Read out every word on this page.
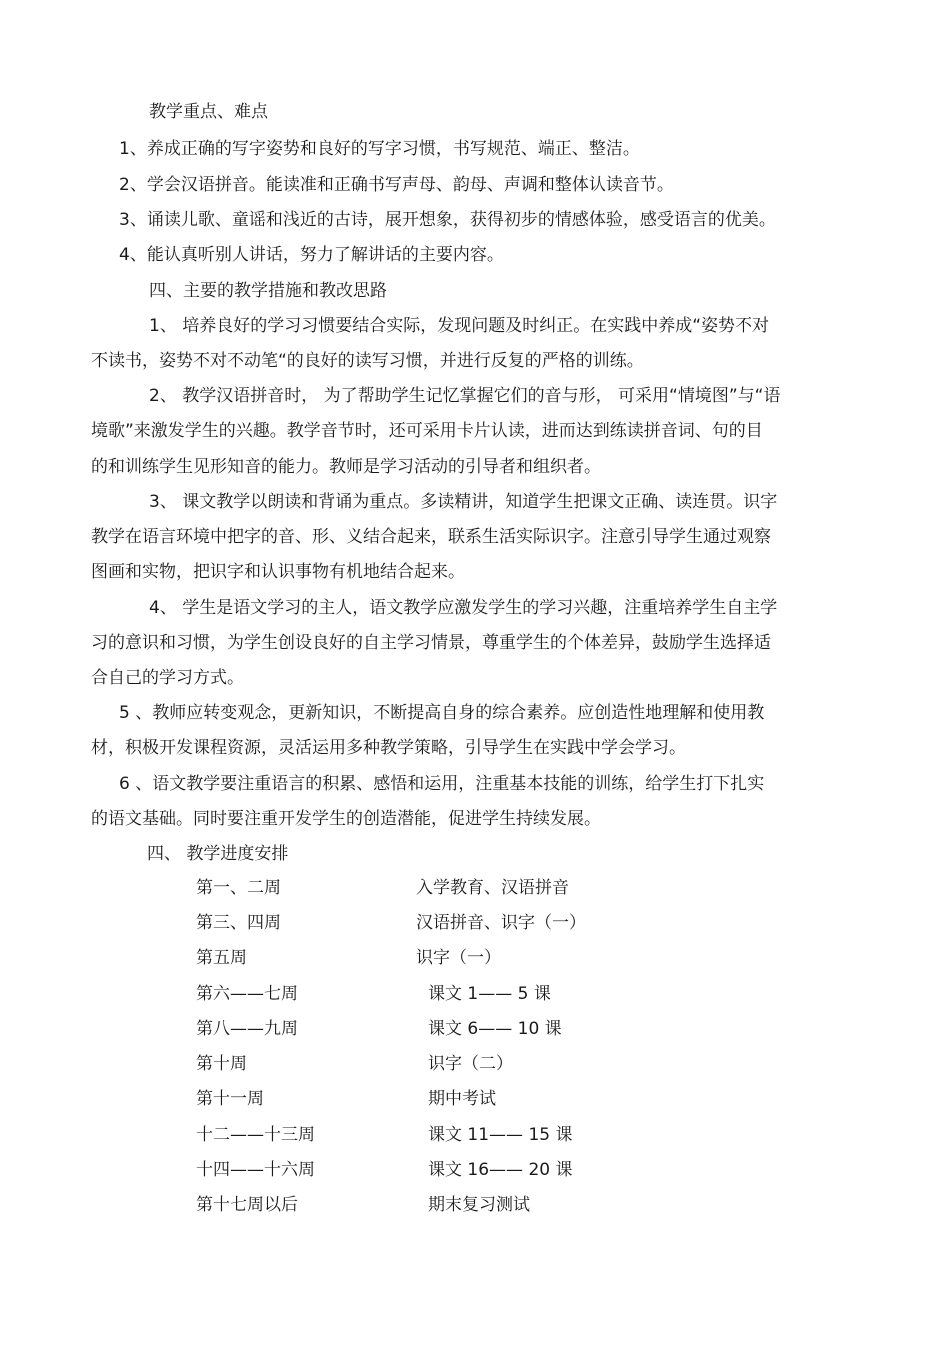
教学重点、难点
1、养成正确的写字姿势和良好的写字习惯，书写规范、端正、整洁。
2、学会汉语拼音。能读准和正确书写声母、韵母、声调和整体认读音节。
3、诵读儿歌、童谣和浅近的古诗，展开想象，获得初步的情感体验，感受语言的优美。
4、能认真听别人讲话，努力了解讲话的主要内容。
四、主要的教学措施和教改思路
1、 培养良好的学习习惯要结合实际，发现问题及时纠正。在实践中养成“姿势不对
不读书，姿势不对不动笔“的良好的读写习惯，并进行反复的严格的训练。
2、 教学汉语拼音时， 为了帮助学生记忆掌握它们的音与形， 可采用“情境图”与“语
境歌”来激发学生的兴趣。教学音节时，还可采用卡片认读，进而达到练读拼音词、句的目
的和训练学生见形知音的能力。教师是学习活动的引导者和组织者。
3、 课文教学以朗读和背诵为重点。多读精讲，知道学生把课文正确、读连贯。识字
教学在语言环境中把字的音、形、义结合起来，联系生活实际识字。注意引导学生通过观察
图画和实物，把识字和认识事物有机地结合起来。
4、 学生是语文学习的主人，语文教学应激发学生的学习兴趣，注重培养学生自主学
习的意识和习惯，为学生创设良好的自主学习情景，尊重学生的个体差异，鼓励学生选择适
合自己的学习方式。
5 、教师应转变观念，更新知识，不断提高自身的综合素养。应创造性地理解和使用教
材，积极开发课程资源，灵活运用多种教学策略，引导学生在实践中学会学习。
6 、语文教学要注重语言的积累、感悟和运用，注重基本技能的训练，给学生打下扎实
的语文基础。同时要注重开发学生的创造潜能，促进学生持续发展。
四、 教学进度安排
第一、二周	入学教育、汉语拼音
第三、四周	汉语拼音、识字（一）
第五周	识字（一）
第六——七周	课文 1—— 5 课
第八——九周	课文 6—— 10 课
第十周	识字（二）
第十一周	期中考试
十二——十三周	课文 11—— 15 课
十四——十六周	课文 16—— 20 课
第十七周以后	期末复习测试
